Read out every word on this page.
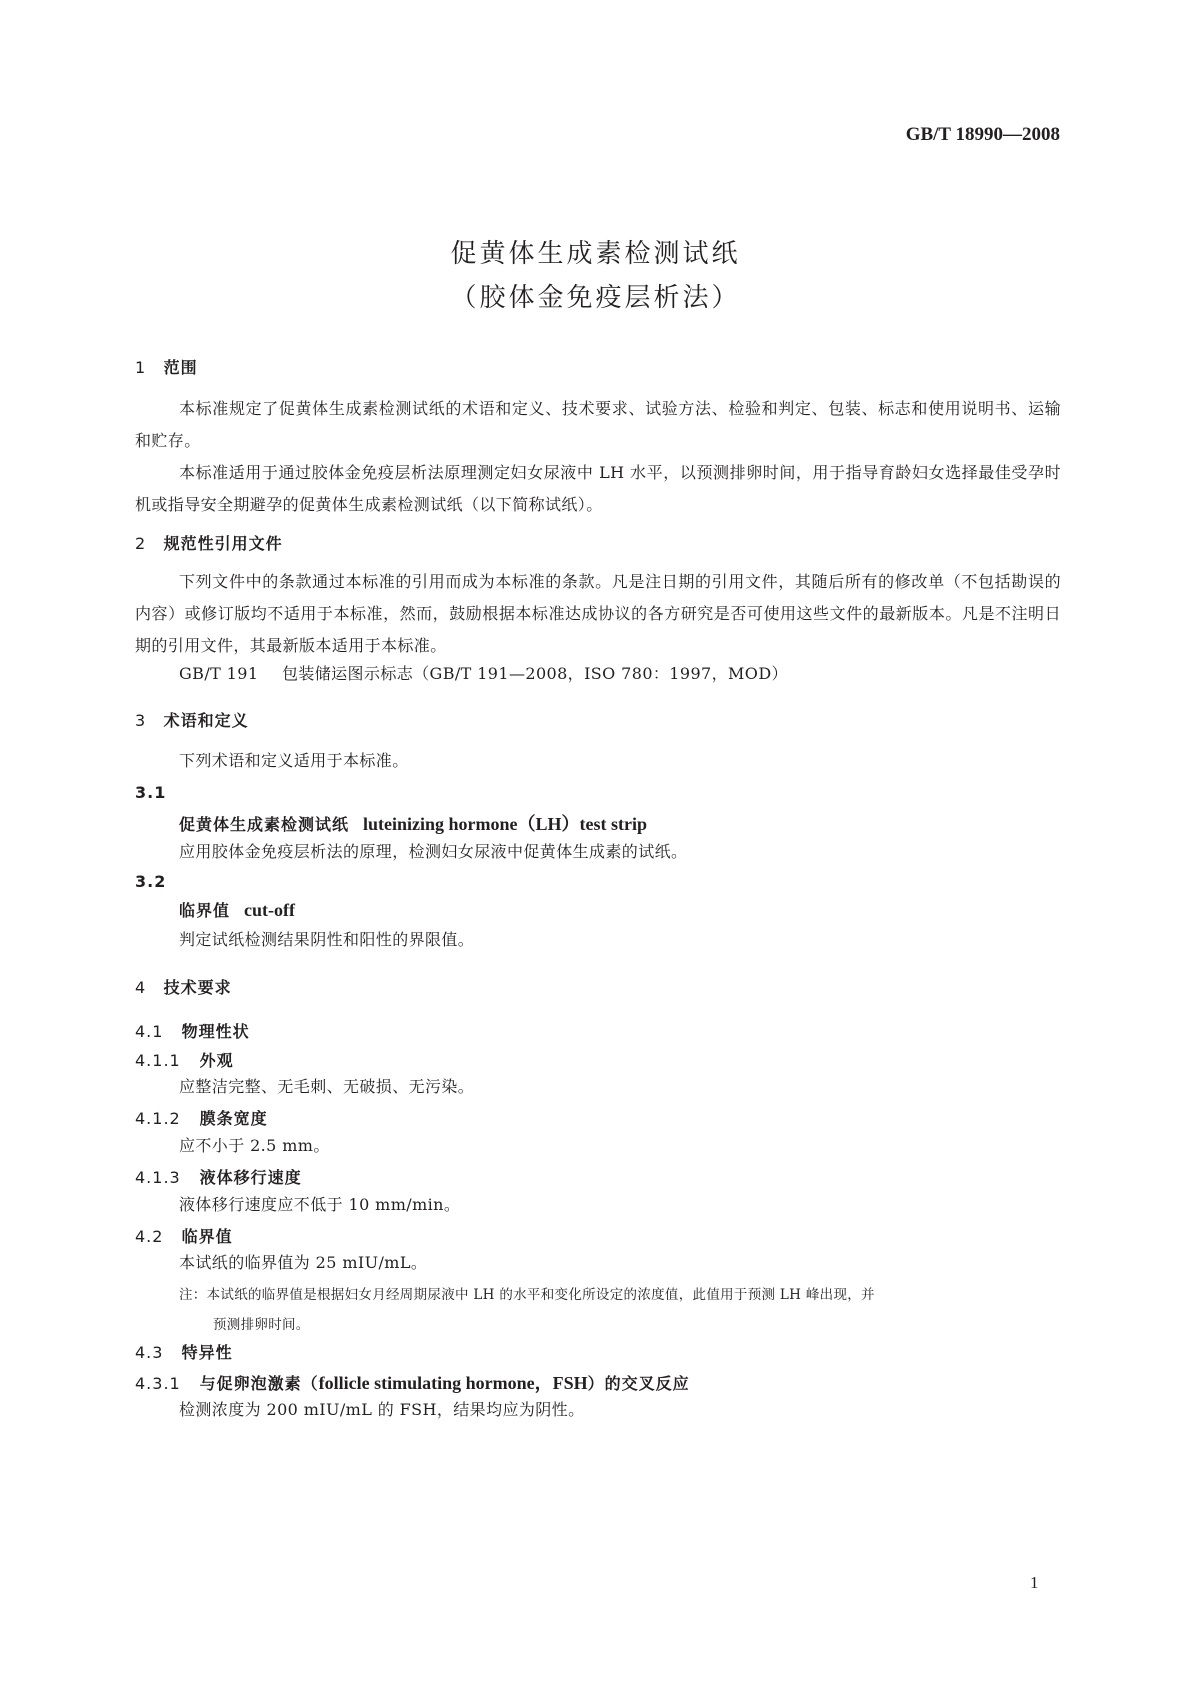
GB/T 18990—2008
促黄体生成素检测试纸
（胶体金免疫层析法）
1 范围
本标准规定了促黄体生成素检测试纸的术语和定义、技术要求、试验方法、检验和判定、包装、标志和使用说明书、运输和贮存。
本标准适用于通过胶体金免疫层析法原理测定妇女尿液中 LH 水平，以预测排卵时间，用于指导育龄妇女选择最佳受孕时机或指导安全期避孕的促黄体生成素检测试纸（以下简称试纸）。
2 规范性引用文件
下列文件中的条款通过本标准的引用而成为本标准的条款。凡是注日期的引用文件，其随后所有的修改单（不包括勘误的内容）或修订版均不适用于本标准，然而，鼓励根据本标准达成协议的各方研究是否可使用这些文件的最新版本。凡是不注明日期的引用文件，其最新版本适用于本标准。
GB/T 191 包装储运图示标志（GB/T 191—2008，ISO 780：1997，MOD）
3 术语和定义
下列术语和定义适用于本标准。
3.1
促黄体生成素检测试纸 luteinizing hormone（LH）test strip
应用胶体金免疫层析法的原理，检测妇女尿液中促黄体生成素的试纸。
3.2
临界值 cut-off
判定试纸检测结果阴性和阳性的界限值。
4 技术要求
4.1 物理性状
4.1.1 外观
应整洁完整、无毛刺、无破损、无污染。
4.1.2 膜条宽度
应不小于 2.5 mm。
4.1.3 液体移行速度
液体移行速度应不低于 10 mm/min。
4.2 临界值
本试纸的临界值为 25 mIU/mL。
注：本试纸的临界值是根据妇女月经周期尿液中 LH 的水平和变化所设定的浓度值，此值用于预测 LH 峰出现，并
预测排卵时间。
4.3 特异性
4.3.1 与促卵泡激素（follicle stimulating hormone，FSH）的交叉反应
检测浓度为 200 mIU/mL 的 FSH，结果均应为阴性。
1
